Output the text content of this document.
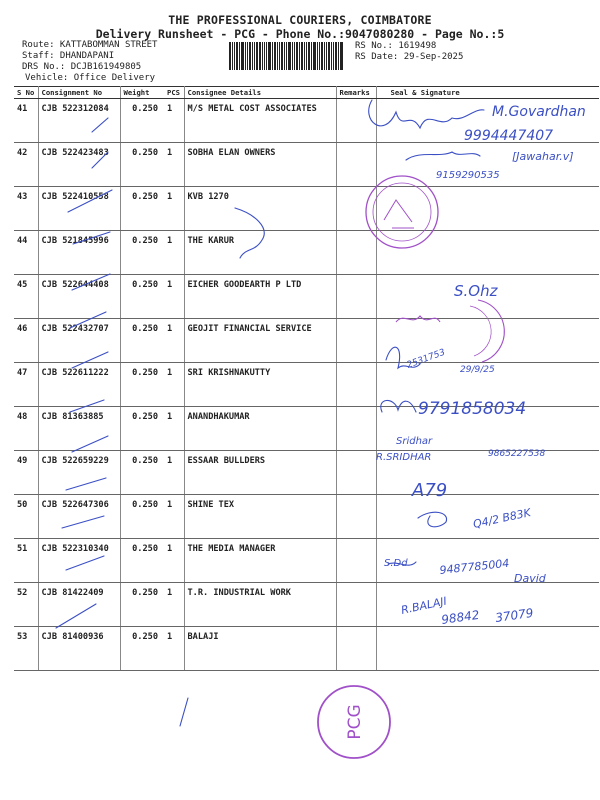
THE PROFESSIONAL COURIERS, COIMBATORE
Delivery Runsheet - PCG - Phone No.:9047080280 - Page No.:5
Route: KATTABOMMAN STREET
Staff: DHANDAPANI
DRS No.: DCJB161949805
Vehicle: Office Delivery
RS No.: 1619498
RS Date: 29-Sep-2025
S No	Consignment No	Weight	PCS	Consignee Details	Remarks	Seal & Signature
41	CJB 522312084	0.250	1	M/S METAL COST ASSOCIATES		
42	CJB 522423483	0.250	1	SOBHA ELAN OWNERS		
43	CJB 522410558	0.250	1	KVB 1270		
44	CJB 521845996	0.250	1	THE KARUR		
45	CJB 522644408	0.250	1	EICHER GOODEARTH P LTD		
46	CJB 522432707	0.250	1	GEOJIT FINANCIAL SERVICE		
47	CJB 522611222	0.250	1	SRI KRISHNAKUTTY		
48	CJB 81363885	0.250	1	ANANDHAKUMAR		
49	CJB 522659229	0.250	1	ESSAAR BULLDERS		
50	CJB 522647306	0.250	1	SHINE TEX		
51	CJB 522310340	0.250	1	THE MEDIA MANAGER		
52	CJB 81422409	0.250	1	T.R. INDUSTRIAL WORK		
53	CJB 81400936	0.250	1	BALAJI		
M.Govardhan
9994447407
[Jawahar.v]
9159290535
S.Ohz
2531753 29/9/25
9791858034
Sridhar
R.SRIDHAR	9865227538
A79
Q4/2 B83K
S.Dd	9487785004
David
R.BALAJI
98842 37079
PCG
